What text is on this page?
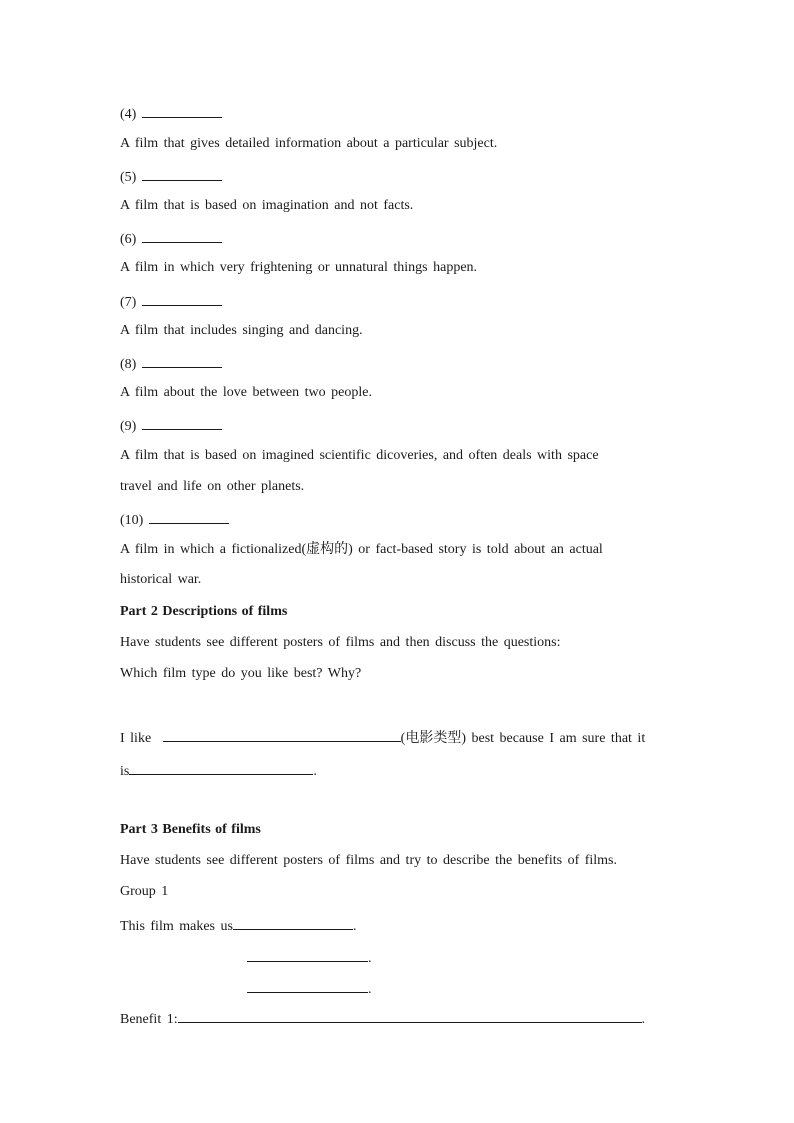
(4)
A film that gives detailed information about a particular subject.
(5)
A film that is based on imagination and not facts.
(6)
A film in which very frightening or unnatural things happen.
(7)
A film that includes singing and dancing.
(8)
A film about the love between two people.
(9)
A film that is based on imagined scientific dicoveries, and often deals with space
travel and life on other planets.
(10)
A film in which a fictionalized(虚构的) or fact-based story is told about an actual
historical war.
Part 2 Descriptions of films
Have students see different posters of films and then discuss the questions:
Which film type do you like best? Why?
I like	(电影类型) best because I am sure that it
is	.
Part 3 Benefits of films
Have students see different posters of films and try to describe the benefits of films.
Group 1
This film makes us	.
.
.
Benefit 1:	.
